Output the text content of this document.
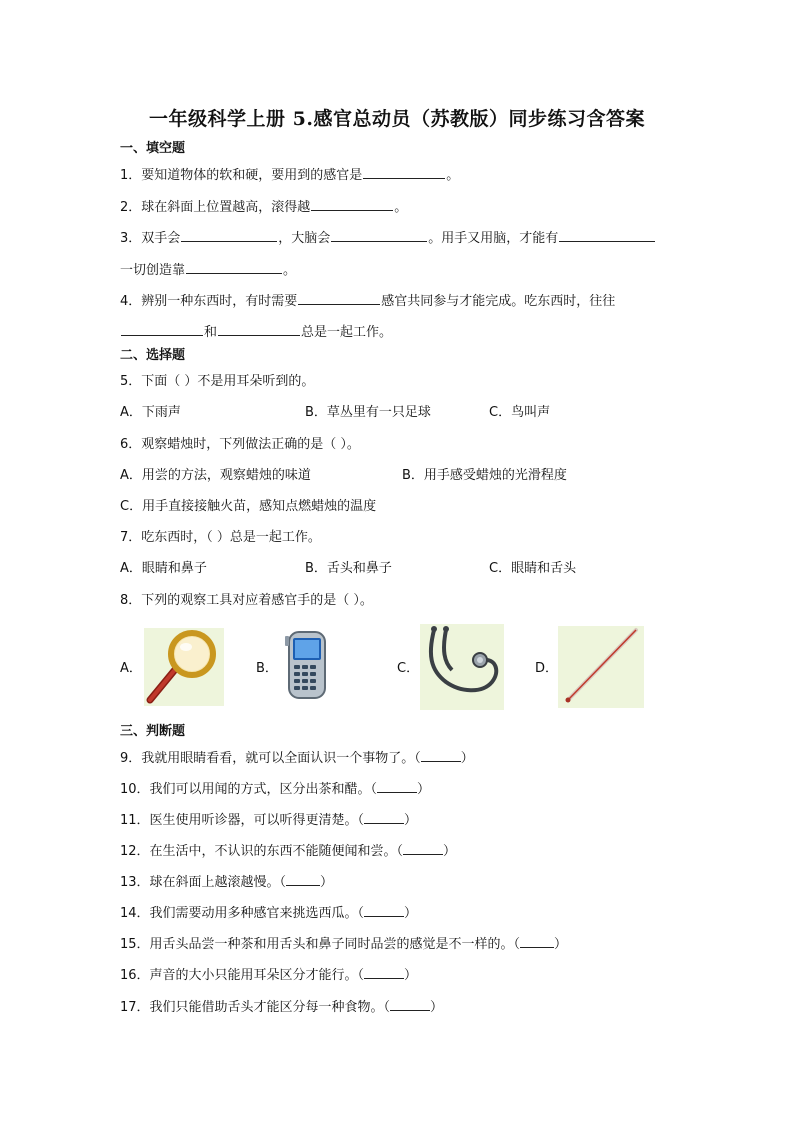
一年级科学上册 5.感官总动员（苏教版）同步练习含答案
一、填空题
1．要知道物体的软和硬，要用到的感官是	。
2．球在斜面上位置越高，滚得越	。
3．双手会	，大脑会	。用手又用脑，才能有
一切创造靠	。
4．辨别一种东西时，有时需要	感官共同参与才能完成。吃东西时，往往
和	总是一起工作。
二、选择题
5．下面（ ）不是用耳朵听到的。
A．下雨声	B．草丛里有一只足球	C．鸟叫声
6．观察蜡烛时，下列做法正确的是（ ）。
A．用尝的方法，观察蜡烛的味道	B．用手感受蜡烛的光滑程度
C．用手直接接触火苗，感知点燃蜡烛的温度
7．吃东西时，（ ）总是一起工作。
A．眼睛和鼻子	B．舌头和鼻子	C．眼睛和舌头
8．下列的观察工具对应着感官手的是（ ）。
A．	B．	C．	D．
三、判断题
9．我就用眼睛看看，就可以全面认识一个事物了。（	）
10．我们可以用闻的方式，区分出茶和醋。（	）
11．医生使用听诊器，可以听得更清楚。（	）
12．在生活中，不认识的东西不能随便闻和尝。（	）
13．球在斜面上越滚越慢。（	）
14．我们需要动用多种感官来挑选西瓜。（	）
15．用舌头品尝一种茶和用舌头和鼻子同时品尝的感觉是不一样的。（	）
16．声音的大小只能用耳朵区分才能行。（	）
17．我们只能借助舌头才能区分每一种食物。（	）
